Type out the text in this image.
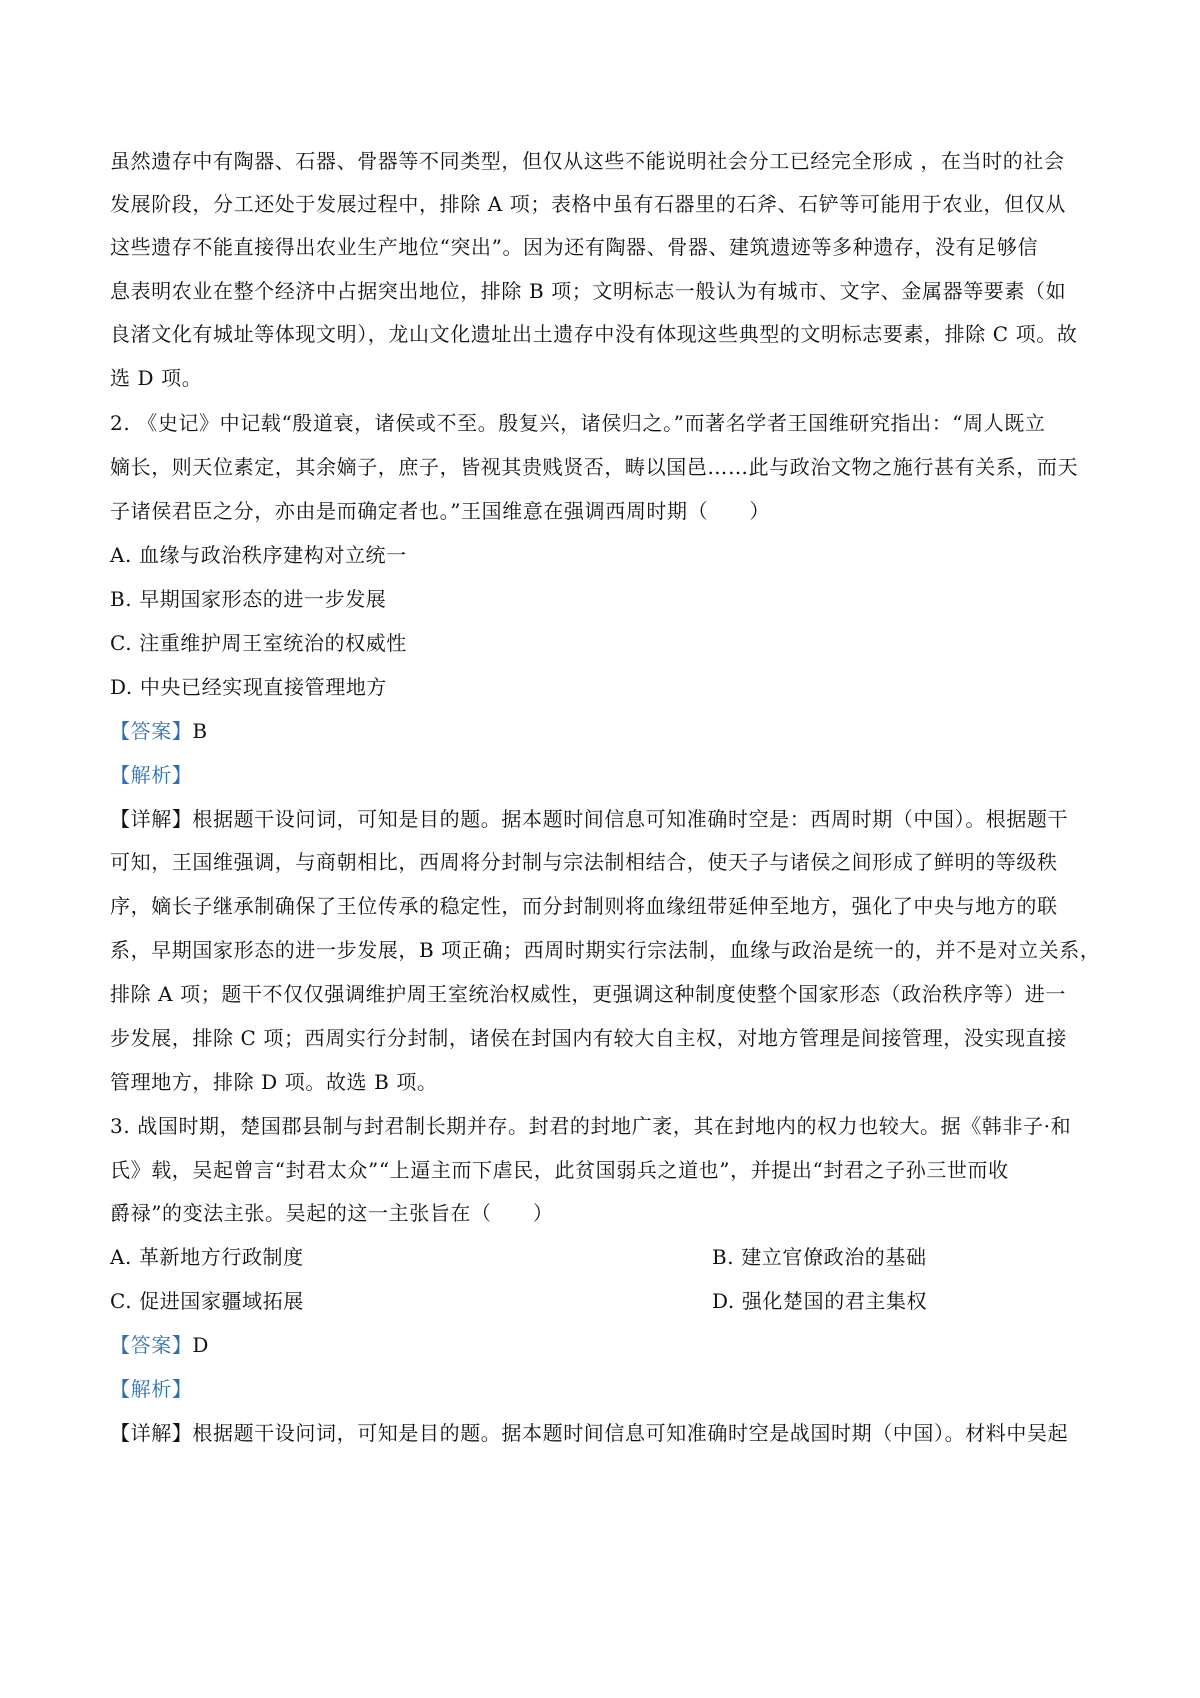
虽然遗存中有陶器、石器、骨器等不同类型，但仅从这些不能说明社会分工已经完全形成 ，在当时的社会
发展阶段，分工还处于发展过程中，排除 A 项；表格中虽有石器里的石斧、石铲等可能用于农业，但仅从
这些遗存不能直接得出农业生产地位“突出”。因为还有陶器、骨器、建筑遗迹等多种遗存，没有足够信
息表明农业在整个经济中占据突出地位，排除 B 项；文明标志一般认为有城市、文字、金属器等要素（如
良渚文化有城址等体现文明），龙山文化遗址出土遗存中没有体现这些典型的文明标志要素，排除 C 项。故
选 D 项。
2. 《史记》中记载“殷道衰，诸侯或不至。殷复兴，诸侯归之。”而著名学者王国维研究指出：“周人既立
嫡长，则天位素定，其余嫡子，庶子，皆视其贵贱贤否，畴以国邑……此与政治文物之施行甚有关系，而天
子诸侯君臣之分，亦由是而确定者也。”王国维意在强调西周时期（　　）
A. 血缘与政治秩序建构对立统一
B. 早期国家形态的进一步发展
C. 注重维护周王室统治的权威性
D. 中央已经实现直接管理地方
【答案】B
【解析】
【详解】根据题干设问词，可知是目的题。据本题时间信息可知准确时空是：西周时期（中国）。根据题干
可知，王国维强调，与商朝相比，西周将分封制与宗法制相结合，使天子与诸侯之间形成了鲜明的等级秩
序，嫡长子继承制确保了王位传承的稳定性，而分封制则将血缘纽带延伸至地方，强化了中央与地方的联
系，早期国家形态的进一步发展，B 项正确；西周时期实行宗法制，血缘与政治是统一的，并不是对立关系，
排除 A 项；题干不仅仅强调维护周王室统治权威性，更强调这种制度使整个国家形态（政治秩序等）进一
步发展，排除 C 项；西周实行分封制，诸侯在封国内有较大自主权，对地方管理是间接管理，没实现直接
管理地方，排除 D 项。故选 B 项。
3. 战国时期，楚国郡县制与封君制长期并存。封君的封地广袤，其在封地内的权力也较大。据《韩非子·和
氏》载，吴起曾言“封君太众”“上逼主而下虐民，此贫国弱兵之道也”，并提出“封君之子孙三世而收
爵禄”的变法主张。吴起的这一主张旨在（　　）
A. 革新地方行政制度	B. 建立官僚政治的基础
C. 促进国家疆域拓展	D. 强化楚国的君主集权
【答案】D
【解析】
【详解】根据题干设问词，可知是目的题。据本题时间信息可知准确时空是战国时期（中国）。材料中吴起
